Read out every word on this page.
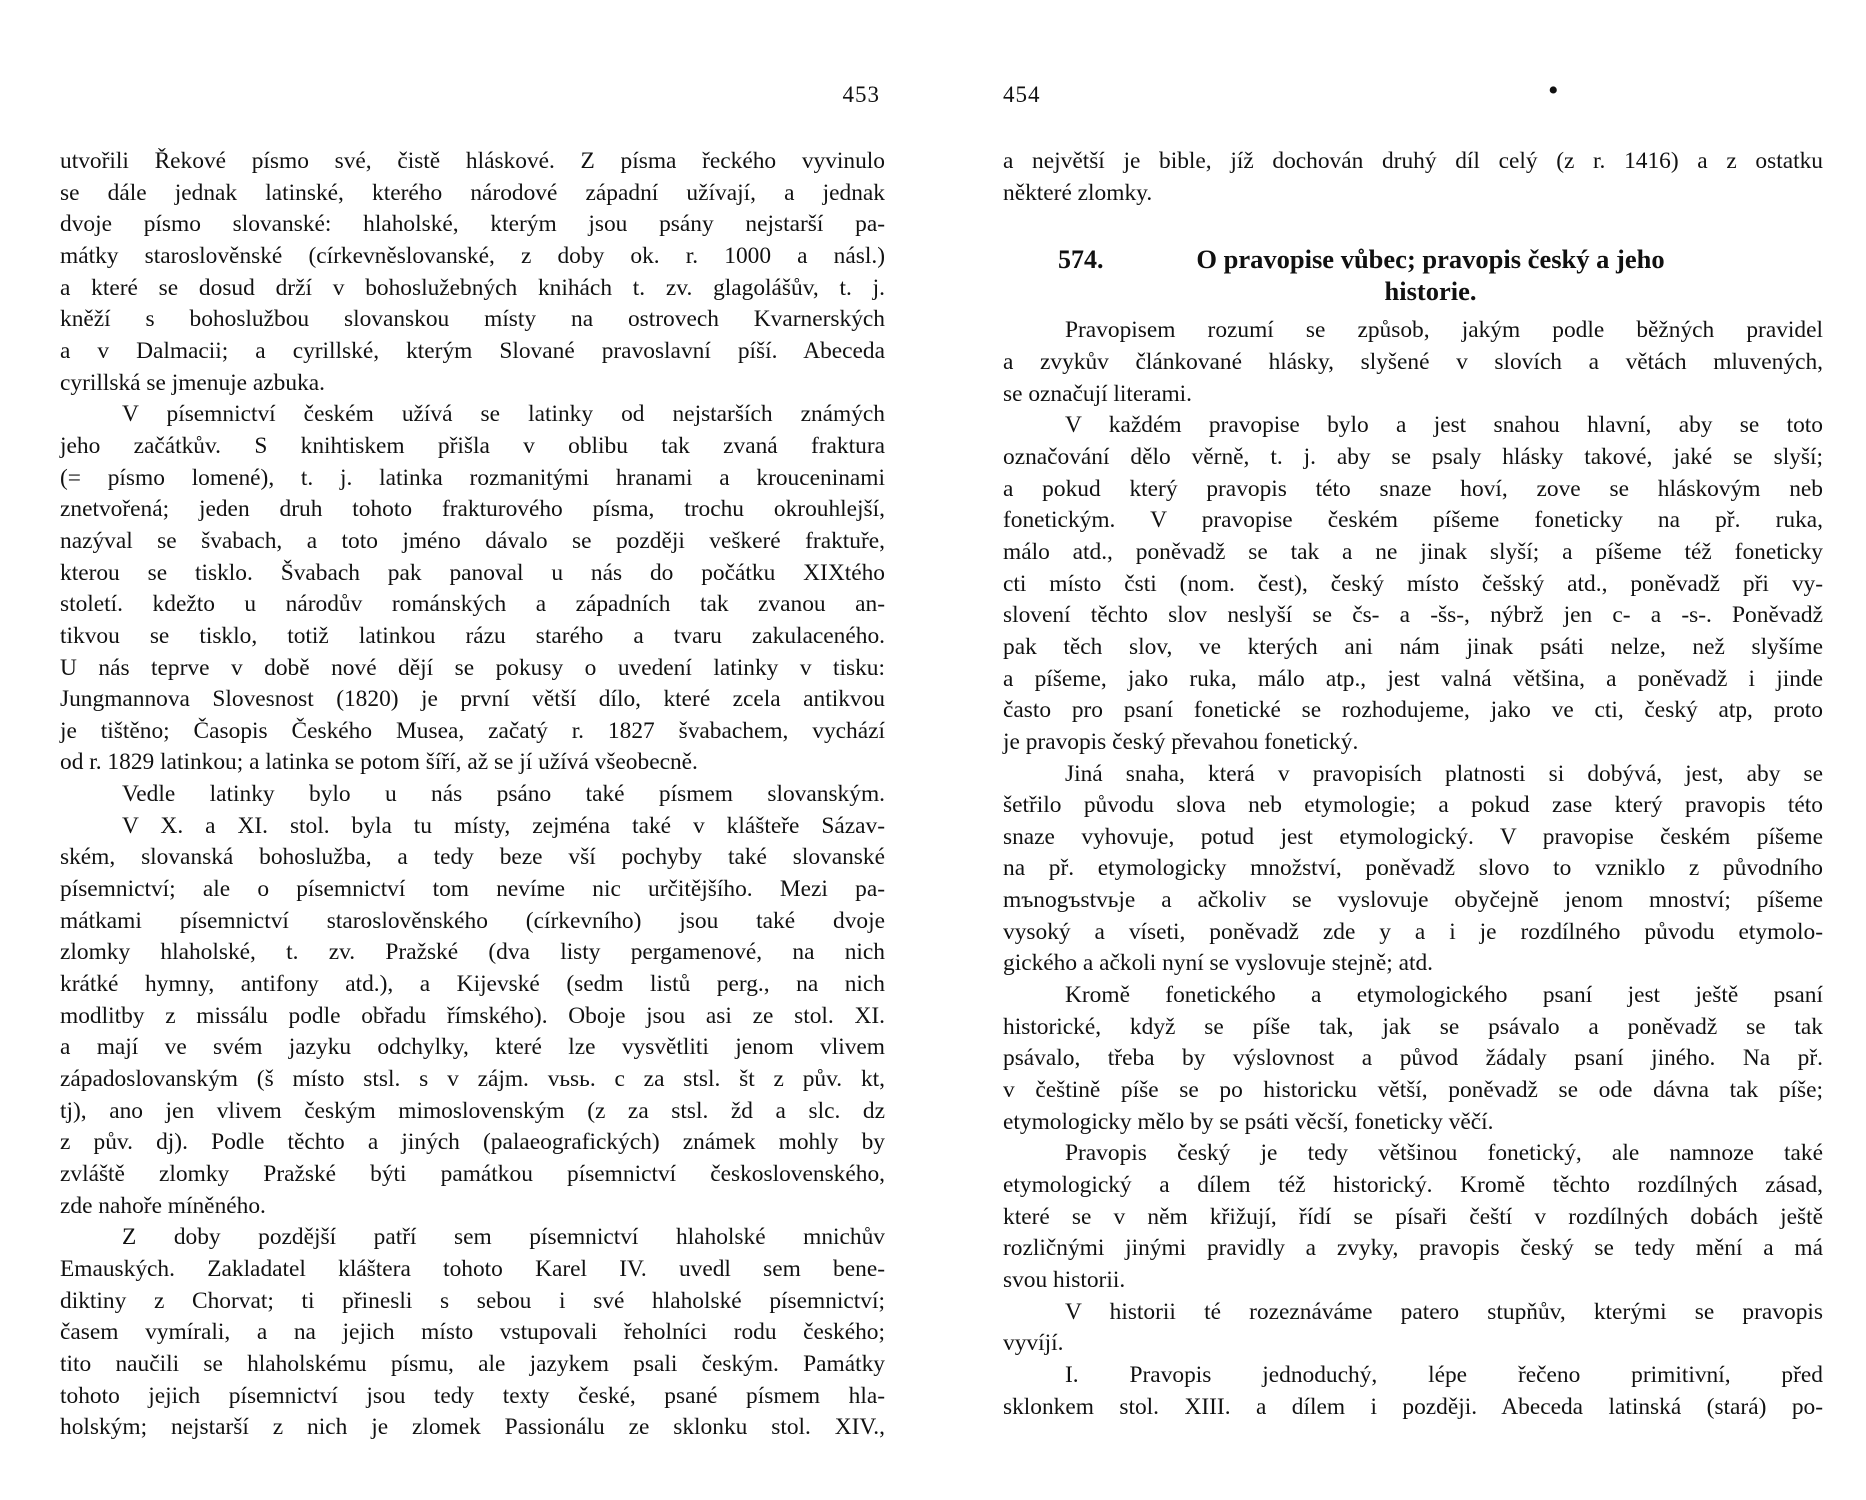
453
utvořili Řekové písmo své, čistě hláskové. Z písma řeckého vyvinulo
se dále jednak latinské, kterého národové západní užívají, a jednak
dvoje písmo slovanské: hlaholské, kterým jsou psány nejstarší pa-
mátky staroslověnské (církevněslovanské, z doby ok. r. 1000 a násl.)
a které se dosud drží v bohoslužebných knihách t. zv. glagolášův, t. j.
kněží s bohoslužbou slovanskou místy na ostrovech Kvarnerských
a v Dalmacii; a cyrillské, kterým Slované pravoslavní píší. Abeceda
cyrillská se jmenuje azbuka.
V písemnictví českém užívá se latinky od nejstarších známých
jeho začátkův. S knihtiskem přišla v oblibu tak zvaná fraktura
(= písmo lomené), t. j. latinka rozmanitými hranami a krouceninami
znetvořená; jeden druh tohoto frakturového písma, trochu okrouhlejší,
nazýval se švabach, a toto jméno dávalo se později veškeré fraktuře,
kterou se tisklo. Švabach pak panoval u nás do počátku XIXtého
století. kdežto u národův románských a západních tak zvanou an-
tikvou se tisklo, totiž latinkou rázu starého a tvaru zakulaceného.
U nás teprve v době nové dějí se pokusy o uvedení latinky v tisku:
Jungmannova Slovesnost (1820) je první větší dílo, které zcela antikvou
je tištěno; Časopis Českého Musea, začatý r. 1827 švabachem, vychází
od r. 1829 latinkou; a latinka se potom šíří, až se jí užívá všeobecně.
Vedle latinky bylo u nás psáno také písmem slovanským.
V X. a XI. stol. byla tu místy, zejména také v klášteře Sázav-
ském, slovanská bohoslužba, a tedy beze vší pochyby také slovanské
písemnictví; ale o písemnictví tom nevíme nic určitějšího. Mezi pa-
mátkami písemnictví staroslověnského (církevního) jsou také dvoje
zlomky hlaholské, t. zv. Pražské (dva listy pergamenové, na nich
krátké hymny, antifony atd.), a Kijevské (sedm listů perg., na nich
modlitby z missálu podle obřadu římského). Oboje jsou asi ze stol. XI.
a mají ve svém jazyku odchylky, které lze vysvětliti jenom vlivem
západoslovanským (š místo stsl. s v zájm. vьsь. c za stsl. št z pův. kt,
tj), ano jen vlivem českým mimoslovenským (z za stsl. žd a slc. dz
z pův. dj). Podle těchto a jiných (palaeografických) známek mohly by
zvláště zlomky Pražské býti památkou písemnictví československého,
zde nahoře míněného.
Z doby pozdější patří sem písemnictví hlaholské mnichův
Emauských. Zakladatel kláštera tohoto Karel IV. uvedl sem bene-
diktiny z Chorvat; ti přinesli s sebou i své hlaholské písemnictví;
časem vymírali, a na jejich místo vstupovali řeholníci rodu českého;
tito naučili se hlaholskému písmu, ale jazykem psali českým. Památky
tohoto jejich písemnictví jsou tedy texty české, psané písmem hla-
holským; nejstarší z nich je zlomek Passionálu ze sklonku stol. XIV.,
454	•
a největší je bible, jíž dochován druhý díl celý (z r. 1416) a z ostatku
některé zlomky.
574.	O pravopise vůbec; pravopis český a jeho
historie.
Pravopisem rozumí se způsob, jakým podle běžných pravidel
a zvykův článkované hlásky, slyšené v slovích a větách mluvených,
se označují literami.
V každém pravopise bylo a jest snahou hlavní, aby se toto
označování dělo věrně, t. j. aby se psaly hlásky takové, jaké se slyší;
a pokud který pravopis této snaze hoví, zove se hláskovým neb
fonetickým. V pravopise českém píšeme foneticky na př. ruka,
málo atd., poněvadž se tak a ne jinak slyší; a píšeme též foneticky
cti místo čsti (nom. čest), český místo češský atd., poněvadž při vy-
slovení těchto slov neslyší se čs- a -šs-, nýbrž jen c- a -s-. Poněvadž
pak těch slov, ve kterých ani nám jinak psáti nelze, než slyšíme
a píšeme, jako ruka, málo atp., jest valná většina, a poněvadž i jinde
často pro psaní fonetické se rozhodujeme, jako ve cti, český atp, proto
je pravopis český převahou fonetický.
Jiná snaha, která v pravopisích platnosti si dobývá, jest, aby se
šetřilo původu slova neb etymologie; a pokud zase který pravopis této
snaze vyhovuje, potud jest etymologický. V pravopise českém píšeme
na př. etymologicky množství, poněvadž slovo to vzniklo z původního
mъnogъstvьje a ačkoliv se vyslovuje obyčejně jenom mnoství; píšeme
vysoký a víseti, poněvadž zde y a i je rozdílného původu etymolo-
gického a ačkoli nyní se vyslovuje stejně; atd.
Kromě fonetického a etymologického psaní jest ještě psaní
historické, když se píše tak, jak se psávalo a poněvadž se tak
psávalo, třeba by výslovnost a původ žádaly psaní jiného. Na př.
v češtině píše se po historicku větší, poněvadž se ode dávna tak píše;
etymologicky mělo by se psáti věcší, foneticky věčí.
Pravopis český je tedy většinou fonetický, ale namnoze také
etymologický a dílem též historický. Kromě těchto rozdílných zásad,
které se v něm křižují, řídí se písaři čeští v rozdílných dobách ještě
rozličnými jinými pravidly a zvyky, pravopis český se tedy mění a má
svou historii.
V historii té rozeznáváme patero stupňův, kterými se pravopis
vyvíjí.
I. Pravopis jednoduchý, lépe řečeno primitivní, před
sklonkem stol. XIII. a dílem i později. Abeceda latinská (stará) po-
